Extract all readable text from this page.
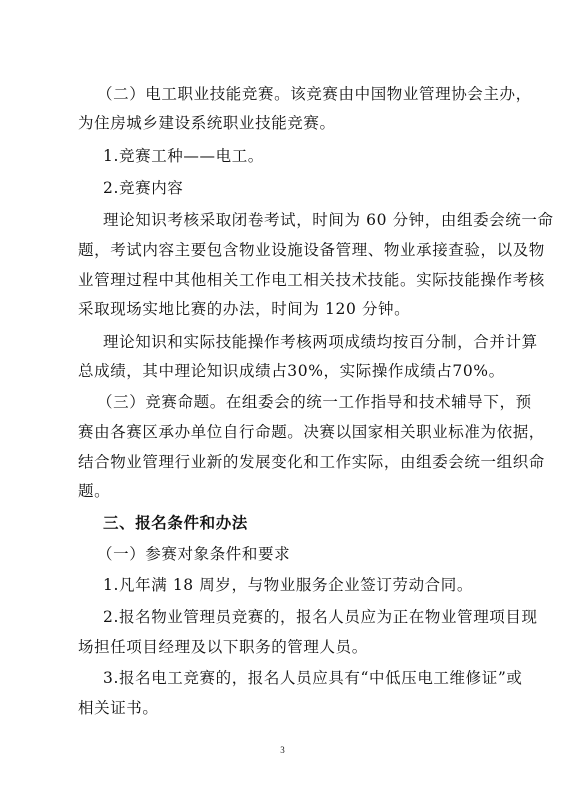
（二）电工职业技能竞赛。该竞赛由中国物业管理协会主办，
为住房城乡建设系统职业技能竞赛。
1.竞赛工种——电工。
2.竞赛内容
理论知识考核采取闭卷考试，时间为 60 分钟，由组委会统一命
题，考试内容主要包含物业设施设备管理、物业承接查验，以及物
业管理过程中其他相关工作电工相关技术技能。实际技能操作考核
采取现场实地比赛的办法，时间为 120 分钟。
理论知识和实际技能操作考核两项成绩均按百分制，合并计算
总成绩，其中理论知识成绩占30%，实际操作成绩占70%。
（三）竞赛命题。在组委会的统一工作指导和技术辅导下，预
赛由各赛区承办单位自行命题。决赛以国家相关职业标准为依据，
结合物业管理行业新的发展变化和工作实际，由组委会统一组织命
题。
三、报名条件和办法
（一）参赛对象条件和要求
1.凡年满 18 周岁，与物业服务企业签订劳动合同。
2.报名物业管理员竞赛的，报名人员应为正在物业管理项目现
场担任项目经理及以下职务的管理人员。
3.报名电工竞赛的，报名人员应具有“中低压电工维修证”或
相关证书。
3
